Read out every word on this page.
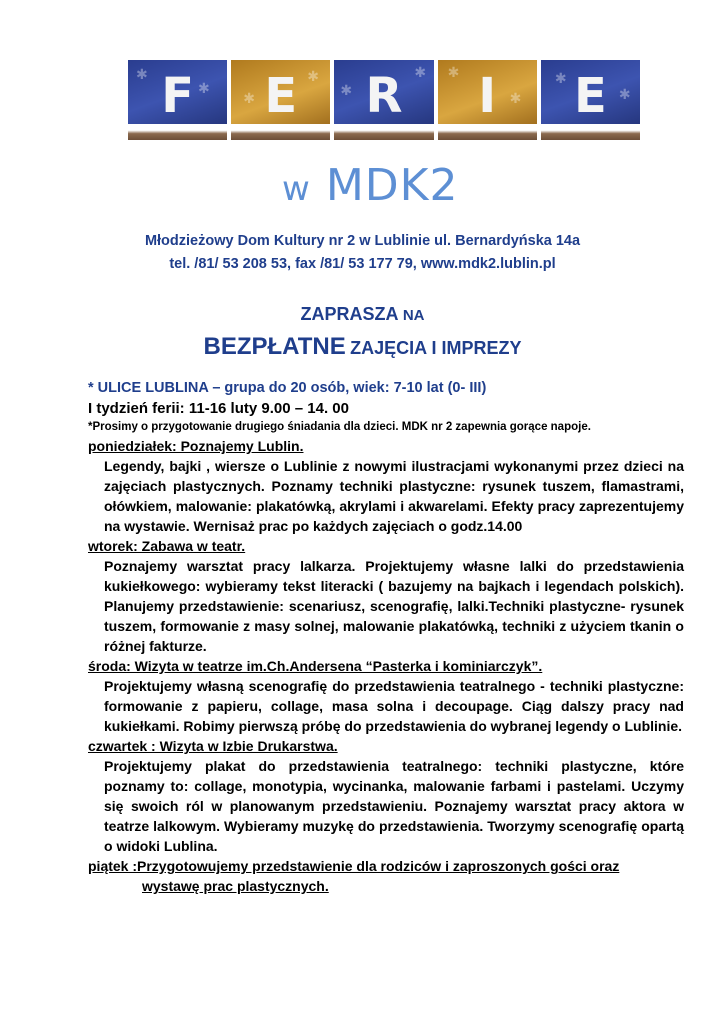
✱
✱
F	✱
✱
E	✱
✱
R	✱
✱
I	✱
✱
E
w MDK2
Młodzieżowy Dom Kultury nr 2 w Lublinie ul. Bernardyńska 14a
tel. /81/ 53 208 53, fax /81/ 53 177 79, www.mdk2.lublin.pl
ZAPRASZA NA
BEZPŁATNE ZAJĘCIA I IMPREZY
* ULICE LUBLINA – grupa do 20 osób, wiek: 7-10 lat (0- III)
I tydzień ferii: 11-16 luty 9.00 – 14. 00
*Prosimy o przygotowanie drugiego śniadania dla dzieci. MDK nr 2 zapewnia gorące napoje.
poniedziałek: Poznajemy Lublin.
Legendy, bajki , wiersze o Lublinie z nowymi ilustracjami wykonanymi przez dzieci na zajęciach plastycznych. Poznamy techniki plastyczne: rysunek tuszem, flamastrami, ołówkiem, malowanie: plakatówką, akrylami i akwarelami. Efekty pracy zaprezentujemy na wystawie. Wernisaż prac po każdych zajęciach o godz.14.00
wtorek: Zabawa w teatr.
Poznajemy warsztat pracy lalkarza. Projektujemy własne lalki do przedstawienia kukiełkowego: wybieramy tekst literacki ( bazujemy na bajkach i legendach polskich). Planujemy przedstawienie: scenariusz, scenografię, lalki.Techniki plastyczne- rysunek tuszem, formowanie z masy solnej, malowanie plakatówką, techniki z użyciem tkanin o różnej fakturze.
środa: Wizyta w teatrze im.Ch.Andersena “Pasterka i kominiarczyk”.
Projektujemy własną scenografię do przedstawienia teatralnego - techniki plastyczne: formowanie z papieru, collage, masa solna i decoupage. Ciąg dalszy pracy nad kukiełkami. Robimy pierwszą próbę do przedstawienia do wybranej legendy o Lublinie.
czwartek : Wizyta w Izbie Drukarstwa.
Projektujemy plakat do przedstawienia teatralnego: techniki plastyczne, które poznamy to: collage, monotypia, wycinanka, malowanie farbami i pastelami. Uczymy się swoich ról w planowanym przedstawieniu. Poznajemy warsztat pracy aktora w teatrze lalkowym. Wybieramy muzykę do przedstawienia. Tworzymy scenografię opartą o widoki Lublina.
piątek :Przygotowujemy przedstawienie dla rodziców i zaproszonych gości oraz
wystawę prac plastycznych.
